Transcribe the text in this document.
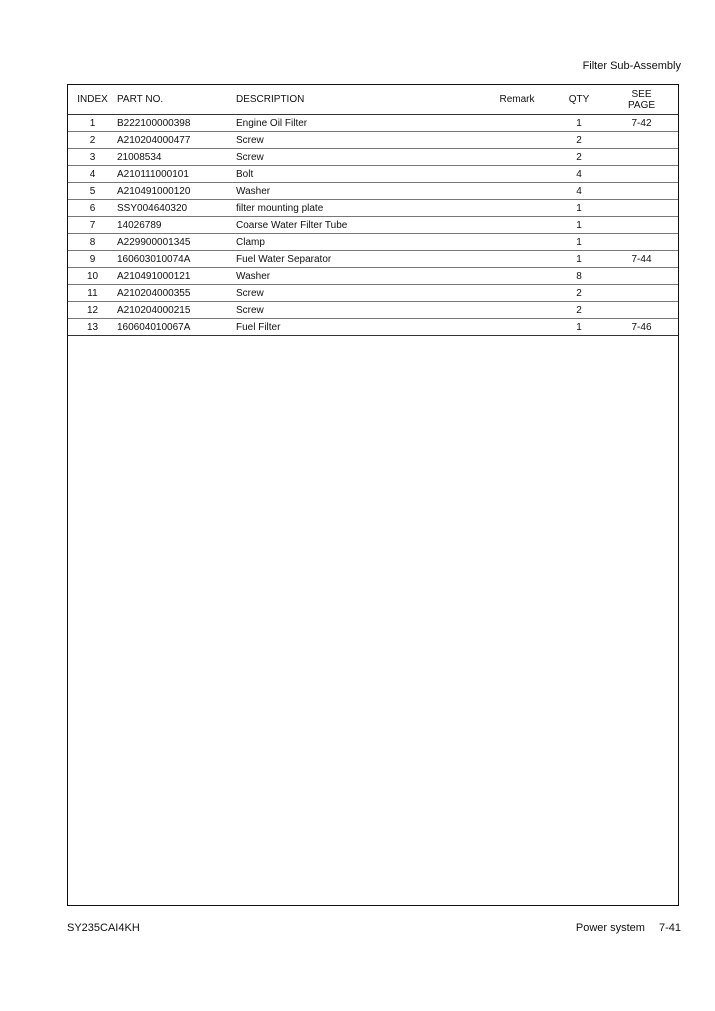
Filter Sub-Assembly
INDEX	PART NO.	DESCRIPTION	Remark	QTY	SEE
PAGE
1	B222100000398	Engine Oil Filter		1	7-42
2	A210204000477	Screw		2	
3	21008534	Screw		2	
4	A210111000101	Bolt		4	
5	A210491000120	Washer		4	
6	SSY004640320	filter mounting plate		1	
7	14026789	Coarse Water Filter Tube		1	
8	A229900001345	Clamp		1	
9	160603010074A	Fuel Water Separator		1	7-44
10	A210491000121	Washer		8	
11	A210204000355	Screw		2	
12	A210204000215	Screw		2	
13	160604010067A	Fuel Filter		1	7-46
SY235CAI4KH	Power system 7-41
